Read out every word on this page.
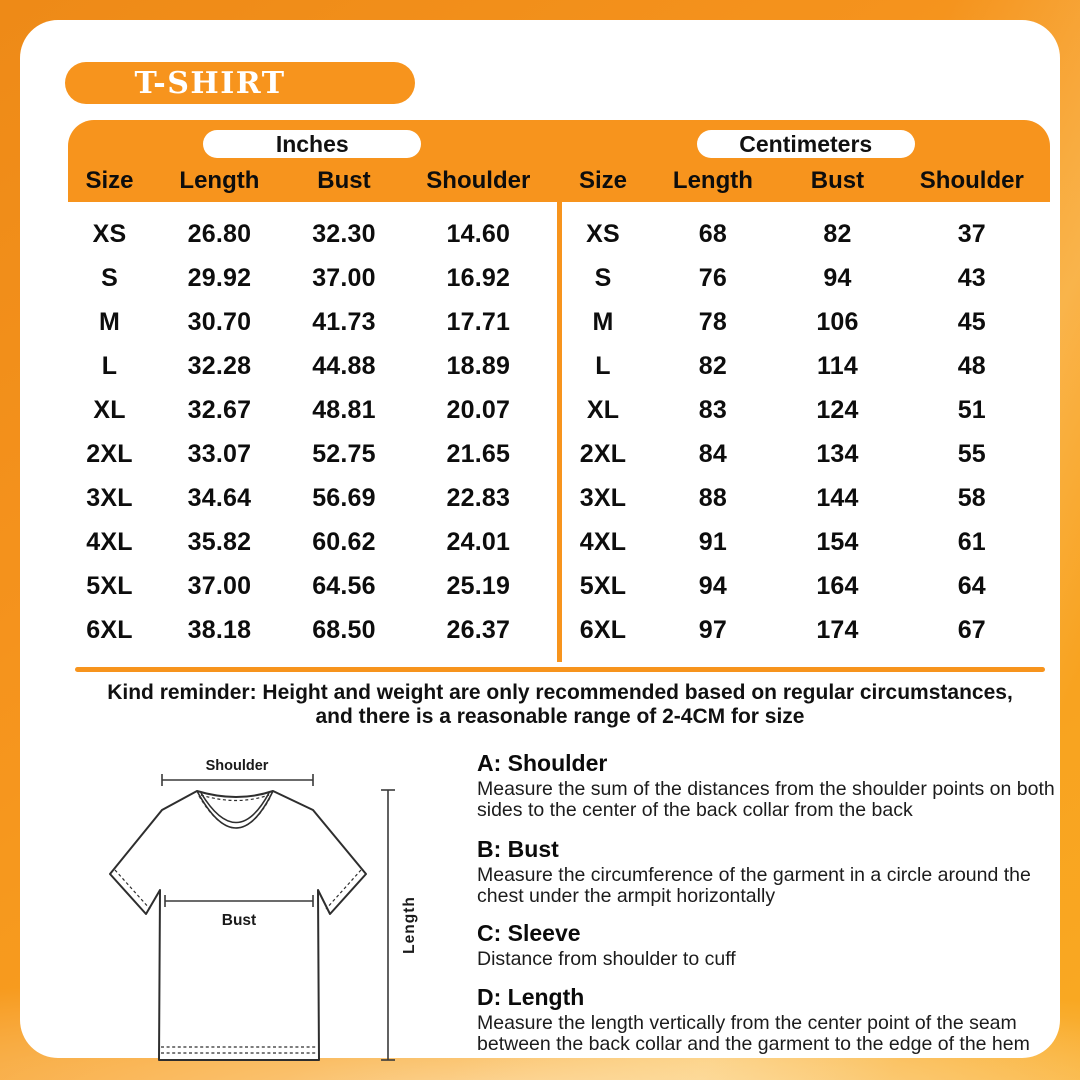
T-SHIRT
Inches
Size	Length	Bust	Shoulder
Centimeters
Size	Length	Bust	Shoulder
XS	26.80	32.30	14.60
S	29.92	37.00	16.92
M	30.70	41.73	17.71
L	32.28	44.88	18.89
XL	32.67	48.81	20.07
2XL	33.07	52.75	21.65
3XL	34.64	56.69	22.83
4XL	35.82	60.62	24.01
5XL	37.00	64.56	25.19
6XL	38.18	68.50	26.37
XS	68	82	37
S	76	94	43
M	78	106	45
L	82	114	48
XL	83	124	51
2XL	84	134	55
3XL	88	144	58
4XL	91	154	61
5XL	94	164	64
6XL	97	174	67
Kind reminder: Height and weight are only recommended based on regular circumstances,
and there is a reasonable range of 2-4CM for size
Shoulder
Length
Bust
A: Shoulder
Measure the sum of the distances from the shoulder points on both sides to the center of the back collar from the back
B: Bust
Measure the circumference of the garment in a circle around the chest under the armpit horizontally
C: Sleeve
Distance from shoulder to cuff
D: Length
Measure the length vertically from the center point of the seam between the back collar and the garment to the edge of the hem
